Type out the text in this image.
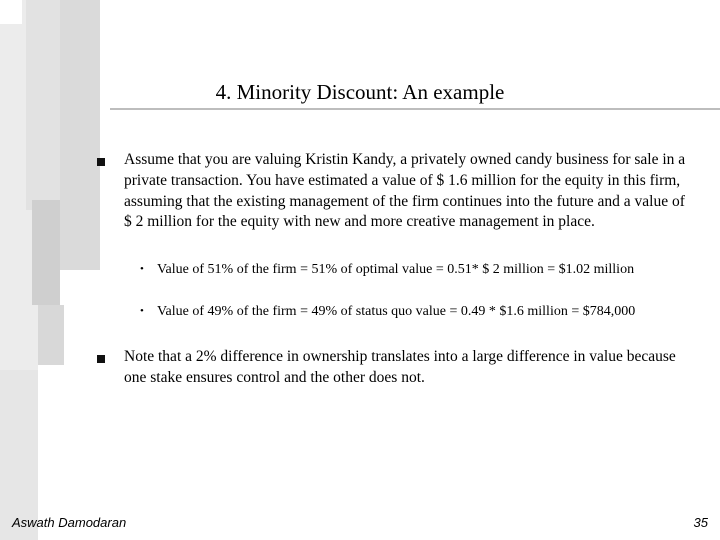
4. Minority Discount: An example
Assume that you are valuing Kristin Kandy, a privately owned candy business for sale in a private transaction. You have estimated a value of $ 1.6 million for the equity in this firm, assuming that the existing management of the firm continues into the future and a value of $ 2 million for the equity with new and more creative management in place.
• Value of 51% of the firm = 51% of optimal value = 0.51* $ 2 million = $1.02 million
• Value of 49% of the firm = 49% of status quo value = 0.49 * $1.6 million = $784,000
Note that a 2% difference in ownership translates into a large difference in value because one stake ensures control and the other does not.
Aswath Damodaran	35
